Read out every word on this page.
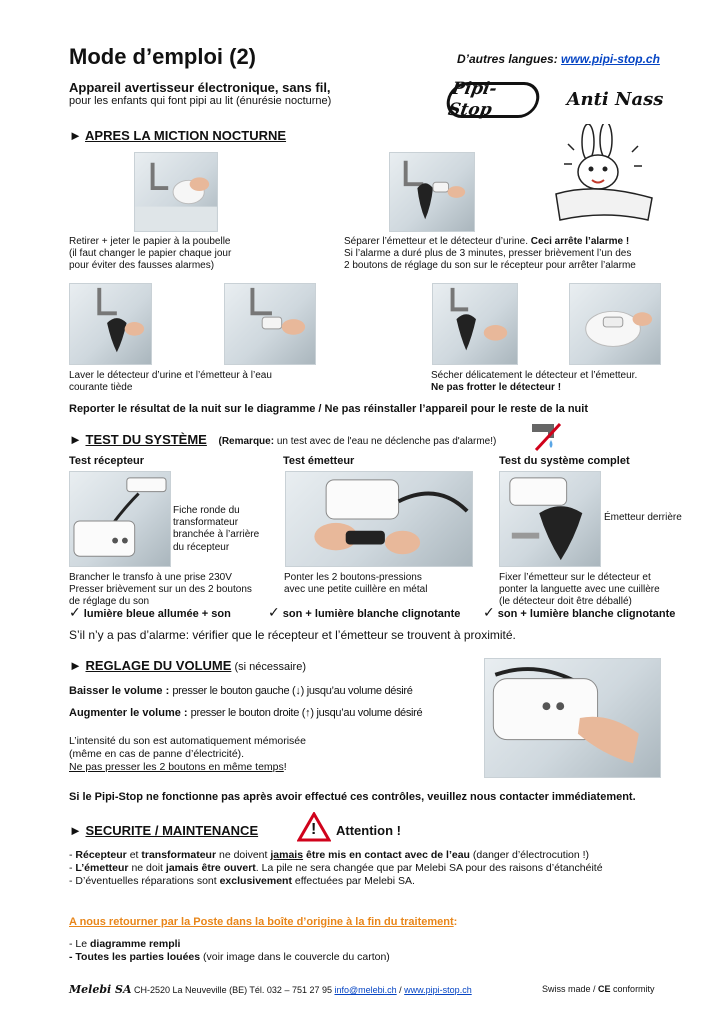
Mode d’emploi (2)	D’autres langues: www.pipi-stop.ch
Appareil avertisseur électronique, sans fil,
pour les enfants qui font pipi au lit (énurésie nocturne)
Pipi-Stop	Anti Nass
► APRES LA MICTION NOCTURNE
Retirer + jeter le papier à la poubelle
(il faut changer le papier chaque jour
pour éviter des fausses alarmes)
Séparer l’émetteur et le détecteur d’urine. Ceci arrête l’alarme !
Si l’alarme a duré plus de 3 minutes, presser brièvement l’un des
2 boutons de réglage du son sur le récepteur pour arrêter l’alarme
Laver le détecteur d’urine et l’émetteur à l’eau
courante tiède
Sécher délicatement le détecteur et l’émetteur.
Ne pas frotter le détecteur !
Reporter le résultat de la nuit sur le diagramme / Ne pas réinstaller l’appareil pour le reste de la nuit
► TEST DU SYSTÈME (Remarque: un test avec de l'eau ne déclenche pas d'alarme!)
Test récepteur	Test émetteur	Test du système complet
Fiche ronde du
transformateur
branchée à l’arrière
du récepteur
Émetteur derrière
Brancher le transfo à une prise 230V
Presser brièvement sur un des 2 boutons
de réglage du son
Ponter les 2 boutons-pressions
avec une petite cuillère en métal
Fixer l’émetteur sur le détecteur et
ponter la languette avec une cuillère
(le détecteur doit être déballé)
✓ lumière bleue allumée + son	✓ son + lumière blanche clignotante ✓ son + lumière blanche clignotante
S’il n’y a pas d’alarme: vérifier que le récepteur et l’émetteur se trouvent à proximité.
► REGLAGE DU VOLUME (si nécessaire)
Baisser le volume : presser le bouton gauche (↓) jusqu’au volume désiré
Augmenter le volume : presser le bouton droite (↑) jusqu’au volume désiré
L’intensité du son est automatiquement mémorisée
(même en cas de panne d’électricité).
Ne pas presser les 2 boutons en même temps!
Si le Pipi-Stop ne fonctionne pas après avoir effectué ces contrôles, veuillez nous contacter immédiatement.
► SECURITE / MAINTENANCE	! Attention !
- Récepteur et transformateur ne doivent jamais être mis en contact avec de l’eau (danger d’électrocution !)
- L’émetteur ne doit jamais être ouvert. La pile ne sera changée que par Melebi SA pour des raisons d’étanchéité
- D’éventuelles réparations sont exclusivement effectuées par Melebi SA.
A nous retourner par la Poste dans la boîte d’origine à la fin du traitement:
- Le diagramme rempli
- Toutes les parties louées (voir image dans le couvercle du carton)
Melebi SA CH-2520 La Neuveville (BE) Tél. 032 – 751 27 95 info@melebi.ch / www.pipi-stop.ch	Swiss made / CE conformity
